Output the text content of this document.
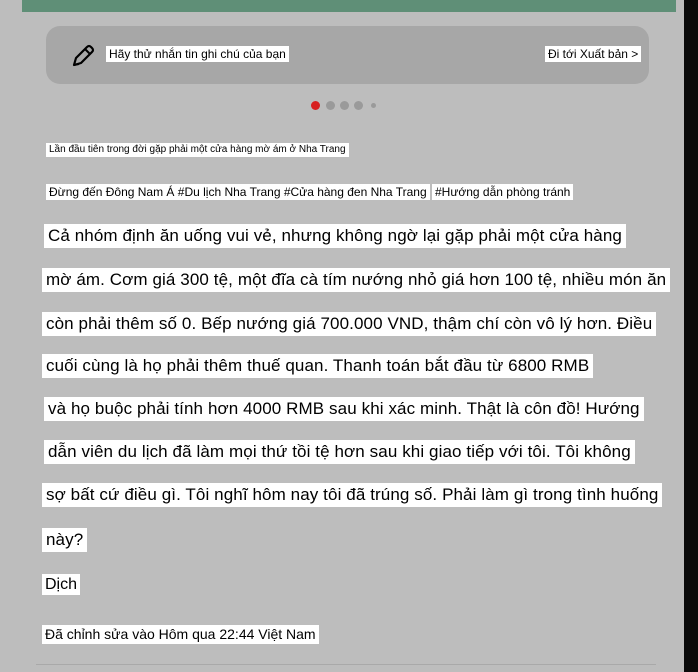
Hãy thử nhắn tin ghi chú của bạn	Đi tới Xuất bản >
Lần đầu tiên trong đời gặp phải một cửa hàng mờ ám ở Nha Trang
Đừng đến Đông Nam Á #Du lịch Nha Trang #Cửa hàng đen Nha Trang #Hướng dẫn phòng tránh
Cả nhóm định ăn uống vui vẻ, nhưng không ngờ lại gặp phải một cửa hàng
mờ ám. Cơm giá 300 tệ, một đĩa cà tím nướng nhỏ giá hơn 100 tệ, nhiều món ăn
còn phải thêm số 0. Bếp nướng giá 700.000 VND, thậm chí còn vô lý hơn. Điều
cuối cùng là họ phải thêm thuế quan. Thanh toán bắt đầu từ 6800 RMB
và họ buộc phải tính hơn 4000 RMB sau khi xác minh. Thật là côn đồ! Hướng
dẫn viên du lịch đã làm mọi thứ tồi tệ hơn sau khi giao tiếp với tôi. Tôi không
sợ bất cứ điều gì. Tôi nghĩ hôm nay tôi đã trúng số. Phải làm gì trong tình huống
này?
Dịch
Đã chỉnh sửa vào Hôm qua 22:44 Việt Nam
